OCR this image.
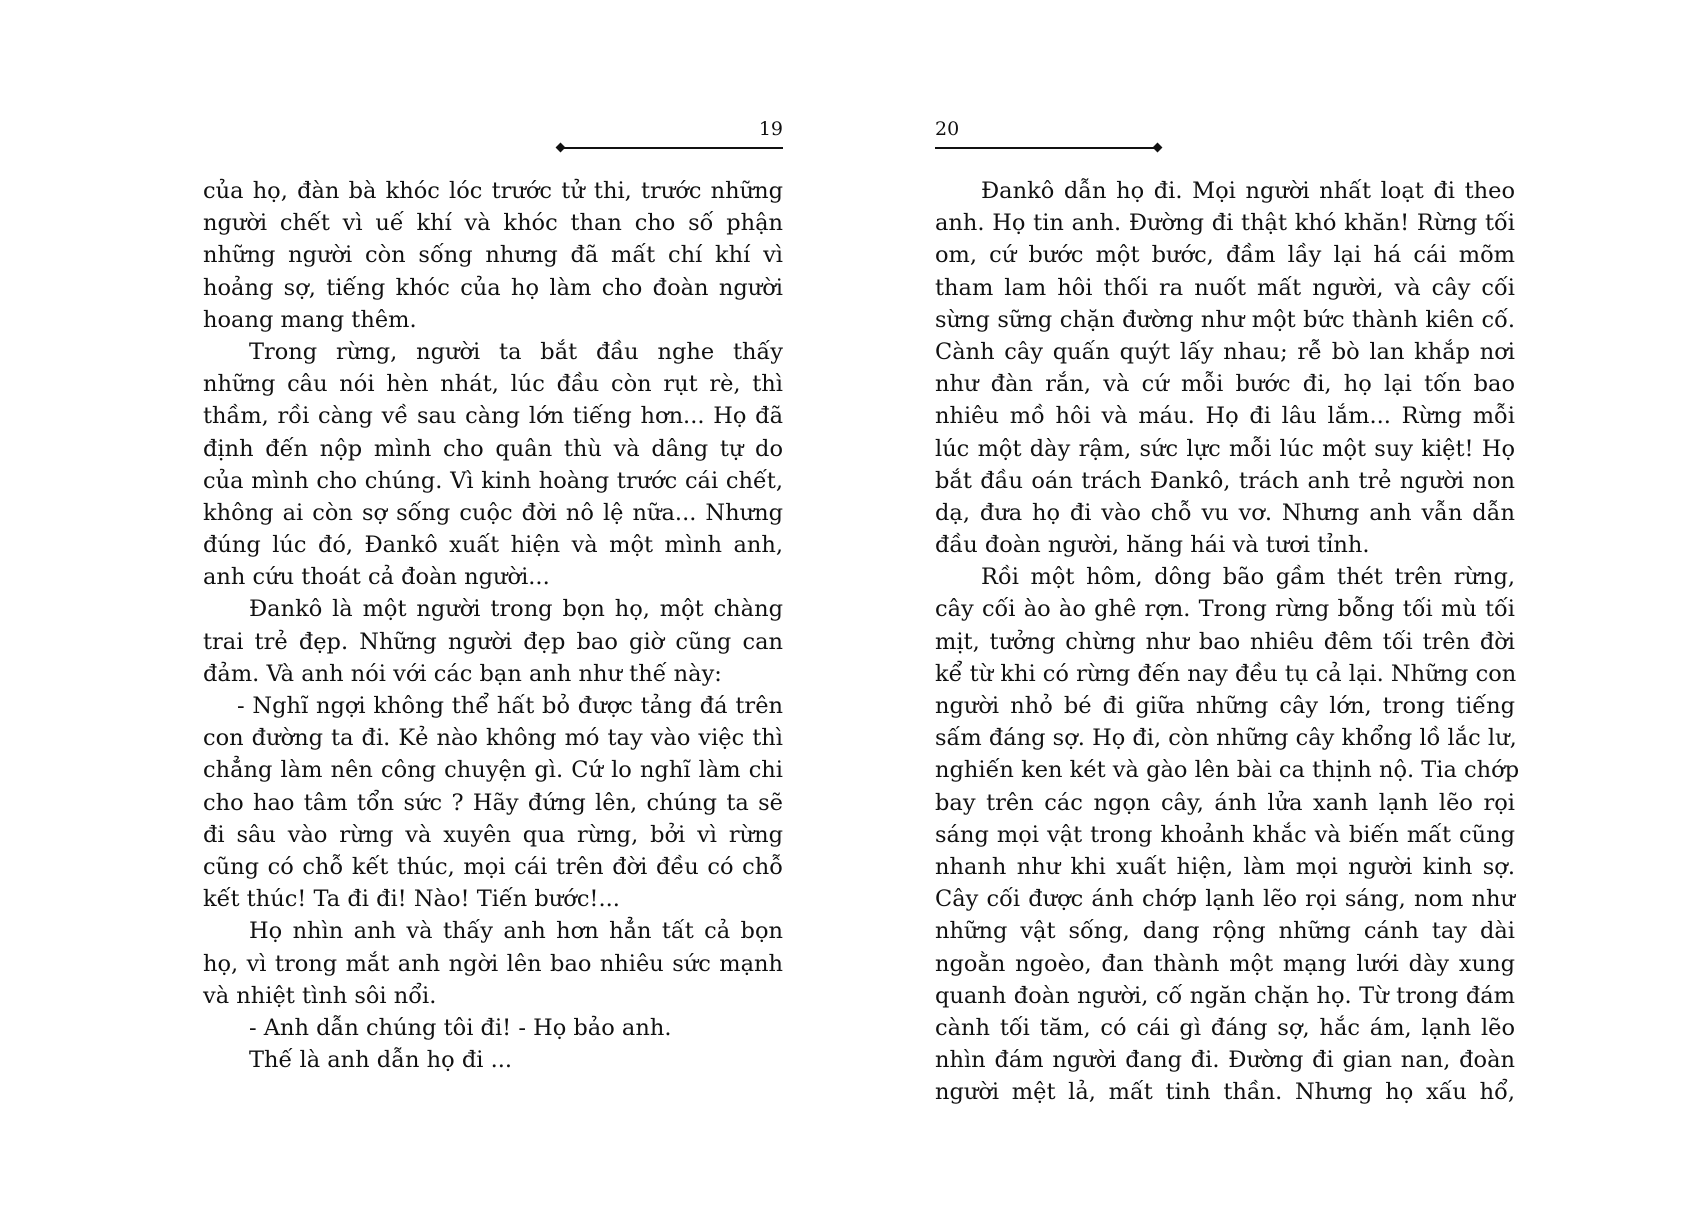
19
của họ, đàn bà khóc lóc trước tử thi, trước những
người chết vì uế khí và khóc than cho số phận
những người còn sống nhưng đã mất chí khí vì
hoảng sợ, tiếng khóc của họ làm cho đoàn người
hoang mang thêm.
Trong rừng, người ta bắt đầu nghe thấy
những câu nói hèn nhát, lúc đầu còn rụt rè, thì
thầm, rồi càng về sau càng lớn tiếng hơn... Họ đã
định đến nộp mình cho quân thù và dâng tự do
của mình cho chúng. Vì kinh hoàng trước cái chết,
không ai còn sợ sống cuộc đời nô lệ nữa... Nhưng
đúng lúc đó, Đankô xuất hiện và một mình anh,
anh cứu thoát cả đoàn người...
Đankô là một người trong bọn họ, một chàng
trai trẻ đẹp. Những người đẹp bao giờ cũng can
đảm. Và anh nói với các bạn anh như thế này:
- Nghĩ ngợi không thể hất bỏ được tảng đá trên
con đường ta đi. Kẻ nào không mó tay vào việc thì
chẳng làm nên công chuyện gì. Cứ lo nghĩ làm chi
cho hao tâm tổn sức ? Hãy đứng lên, chúng ta sẽ
đi sâu vào rừng và xuyên qua rừng, bởi vì rừng
cũng có chỗ kết thúc, mọi cái trên đời đều có chỗ
kết thúc! Ta đi đi! Nào! Tiến bước!...
Họ nhìn anh và thấy anh hơn hẳn tất cả bọn
họ, vì trong mắt anh ngời lên bao nhiêu sức mạnh
và nhiệt tình sôi nổi.
- Anh dẫn chúng tôi đi! - Họ bảo anh.
Thế là anh dẫn họ đi ...
20
Đankô dẫn họ đi. Mọi người nhất loạt đi theo
anh. Họ tin anh. Đường đi thật khó khăn! Rừng tối
om, cứ bước một bước, đầm lầy lại há cái mõm
tham lam hôi thối ra nuốt mất người, và cây cối
sừng sững chặn đường như một bức thành kiên cố.
Cành cây quấn quýt lấy nhau; rễ bò lan khắp nơi
như đàn rắn, và cứ mỗi bước đi, họ lại tốn bao
nhiêu mồ hôi và máu. Họ đi lâu lắm... Rừng mỗi
lúc một dày rậm, sức lực mỗi lúc một suy kiệt! Họ
bắt đầu oán trách Đankô, trách anh trẻ người non
dạ, đưa họ đi vào chỗ vu vơ. Nhưng anh vẫn dẫn
đầu đoàn người, hăng hái và tươi tỉnh.
Rồi một hôm, dông bão gầm thét trên rừng,
cây cối ào ào ghê rợn. Trong rừng bỗng tối mù tối
mịt, tưởng chừng như bao nhiêu đêm tối trên đời
kể từ khi có rừng đến nay đều tụ cả lại. Những con
người nhỏ bé đi giữa những cây lớn, trong tiếng
sấm đáng sợ. Họ đi, còn những cây khổng lồ lắc lư,
nghiến ken két và gào lên bài ca thịnh nộ. Tia chớp
bay trên các ngọn cây, ánh lửa xanh lạnh lẽo rọi
sáng mọi vật trong khoảnh khắc và biến mất cũng
nhanh như khi xuất hiện, làm mọi người kinh sợ.
Cây cối được ánh chớp lạnh lẽo rọi sáng, nom như
những vật sống, dang rộng những cánh tay dài
ngoằn ngoèo, đan thành một mạng lưới dày xung
quanh đoàn người, cố ngăn chặn họ. Từ trong đám
cành tối tăm, có cái gì đáng sợ, hắc ám, lạnh lẽo
nhìn đám người đang đi. Đường đi gian nan, đoàn
người mệt lả, mất tinh thần. Nhưng họ xấu hổ,
